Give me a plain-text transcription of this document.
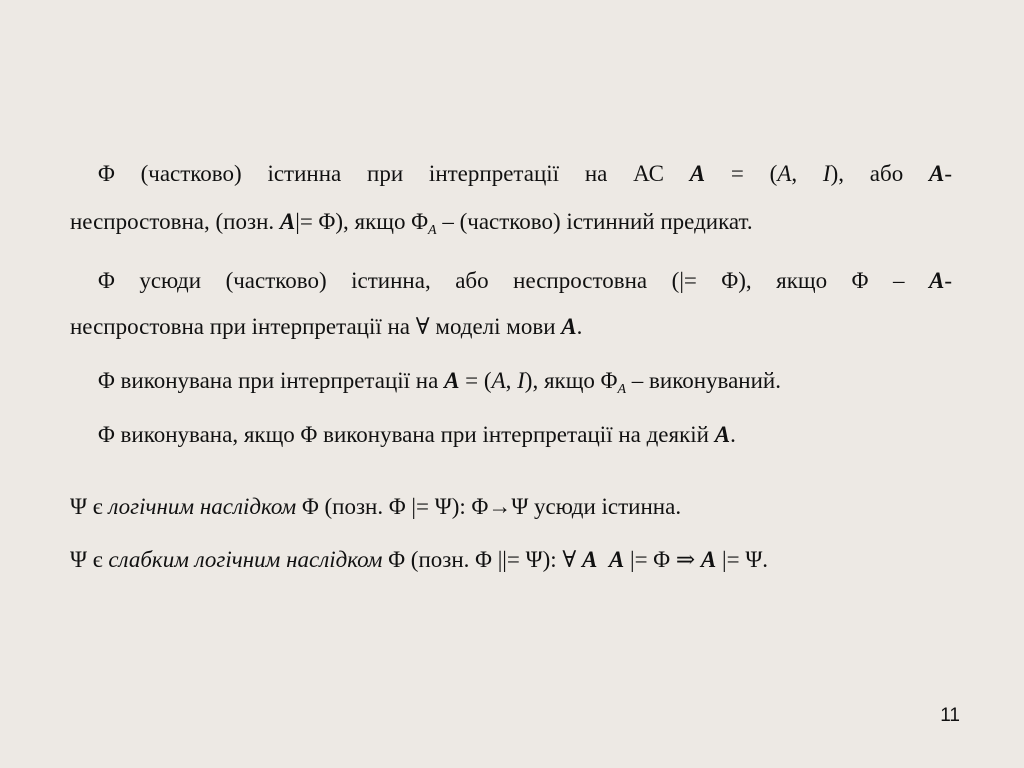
Φ (частково) істинна при інтерпретації на АС A = (A, I), або A-
неспростовна, (позн. A|= Φ), якщо $\Phi_A$ – (частково) істинний предикат.
Φ усюди (частково) істинна, або неспростовна (|= Φ), якщо Φ – A-
неспростовна при інтерпретації на ∀ моделі мови A.
Φ виконувана при інтерпретації на A = (A, I), якщо $\Phi_A$ – виконуваний.
Φ виконувана, якщо Φ виконувана при інтерпретації на деякій A.
Ψ є логічним наслідком Φ (позн. Φ |= Ψ): Φ→Ψ усюди істинна.
Ψ є слабким логічним наслідком Φ (позн. Φ ||= Ψ): ∀ A A |= Φ ⇒ A |= Ψ.
11
